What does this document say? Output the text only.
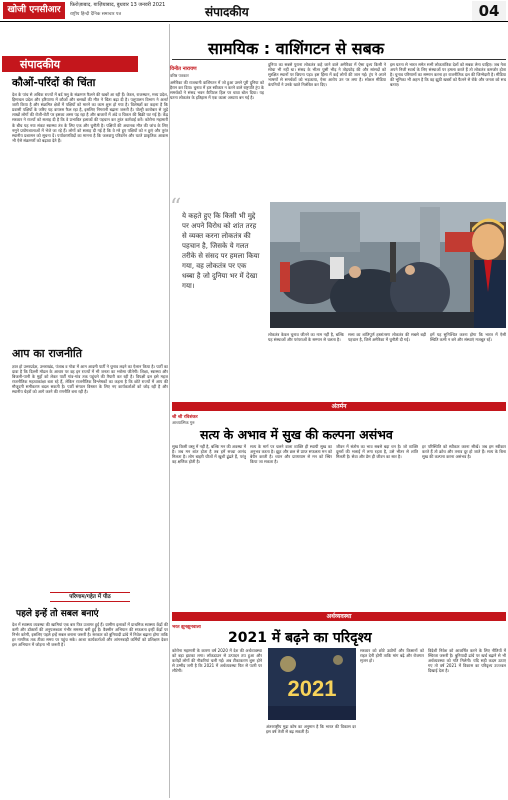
खोजी एनसीआर	फ़िरोज़ाबाद, ग़ाज़ियाबाद, बुधवार 13 जनवरी 2021
राष्ट्रीय हिन्दी दैनिक समाचार पत्र	संपादकीय	04
संपादकीय
कौओं-परिंदों की चिंता
देश के पांच से अधिक राज्यों में बर्ड फ्लू के संक्रमण फैलने की खबरें आ रही हैं। केरल, राजस्थान, मध्य प्रदेश, हिमाचल प्रदेश और हरियाणा में कौओं और बत्तखों की मौत ने चिंता बढ़ा दी है। पशुपालन विभाग ने अलर्ट जारी किया है और संक्रमित क्षेत्रों में पक्षियों को मारने का काम शुरू हो गया है। विशेषज्ञों का कहना है कि प्रवासी पक्षियों के जरिए यह वायरस फैल रहा है, इसलिए निगरानी बढ़ाना जरूरी है। पोल्ट्री कारोबार से जुड़े लाखों लोगों की रोजी-रोटी पर इसका असर पड़ रहा है और बाजारों में अंडे व चिकन की बिक्री घट गई है। केंद्र सरकार ने राज्यों को सलाह दी है कि वे प्रभावित इलाकों की पहचान कर तुरंत कार्रवाई करें। कोरोना महामारी के बीच यह नया संकट स्वास्थ्य तंत्र के लिए एक और चुनौती है। पक्षियों की अचानक मौत की जांच के लिए नमूने प्रयोगशालाओं में भेजे जा रहे हैं। लोगों को सलाह दी गई है कि वे मरे हुए पक्षियों को न छुएं और तुरंत स्थानीय प्रशासन को सूचना दें। पर्यावरणविदों का मानना है कि जलवायु परिवर्तन और घटते प्राकृतिक आवास भी ऐसे संक्रमणों को बढ़ावा देते हैं।
आप का राजनीति
ज्ञात हो उत्तरप्रदेश, उत्तराखंड, पंजाब व गोवा में आम आदमी पार्टी ने चुनाव लड़ने का ऐलान किया है। पार्टी का दावा है कि दिल्ली मॉडल के आधार पर वह इन राज्यों में भी जनता का भरोसा जीतेगी। शिक्षा, स्वास्थ्य और बिजली-पानी के मुद्दों को लेकर पार्टी गांव-गांव तक पहुंचने की तैयारी कर रही है। विपक्षी दल इसे महज राजनीतिक महत्वाकांक्षा बता रहे हैं, लेकिन राजनीतिक विश्लेषकों का कहना है कि छोटे राज्यों में आप की मौजूदगी समीकरण बदल सकती है। पार्टी संगठन विस्तार के लिए नए कार्यकर्ताओं को जोड़ रही है और स्थानीय चेहरों को आगे करने की रणनीति बना रही है।
परिणाम/गहेत में पीठ
पहले इन्हें तो सबल बनाएं
देश में स्वास्थ्य व्यवस्था की खामियां एक बार फिर उजागर हुई हैं। ग्रामीण इलाकों में प्राथमिक स्वास्थ्य केंद्रों की कमी और डॉक्टरों की अनुपलब्धता गंभीर समस्या बनी हुई है। वैक्सीन अभियान की सफलता इन्हीं केंद्रों पर निर्भर करेगी, इसलिए पहले इन्हें सबल बनाना जरूरी है। सरकार को बुनियादी ढांचे में निवेश बढ़ाना होगा ताकि हर नागरिक तक टीका समय पर पहुंच सके। आशा कार्यकर्ताओं और आंगनबाड़ी कर्मियों को प्रशिक्षण देकर इस अभियान में जोड़ना भी जरूरी है।
सामयिक : वाशिंगटन से सबक
विनीत नारायण
वरिष्ठ पत्रकार
अमेरिका की राजधानी वाशिंगटन में जो हुआ उसने पूरी दुनिया को हैरान कर दिया। चुनाव में हार स्वीकार न करने वाले राष्ट्रपति ट्रंप के समर्थकों ने संसद भवन कैपिटल हिल पर धावा बोल दिया। यह घटना लोकतंत्र के इतिहास में एक काला अध्याय बन गई है।
दुनिया का सबसे पुराना लोकतंत्र कहे जाने वाले अमेरिका में ऐसा दृश्य किसी ने सोचा भी नहीं था। संसद के भीतर घुसी भीड़ ने तोड़फोड़ की और सांसदों को सुरक्षित स्थानों पर छिपना पड़ा। इस हिंसा में कई लोगों की जान गई। ट्रंप ने अपने भाषणों से समर्थकों को भड़काया, ऐसा आरोप उन पर लगा है। सोशल मीडिया कंपनियों ने उनके खाते निलंबित कर दिए।
इस घटना से भारत समेत सभी लोकतांत्रिक देशों को सबक लेना चाहिए। जब नेता अपने निजी स्वार्थ के लिए संस्थाओं पर हमला करते हैं तो लोकतंत्र कमजोर होता है। चुनाव परिणामों का सम्मान करना हर राजनीतिक दल की जिम्मेदारी है। मीडिया की भूमिका भी अहम है कि वह झूठी खबरों को फैलने से रोके और जनता को सच बताए।
“ ये कहते हुए कि किसी भी मुद्दे पर अपने विरोध को शांत तरह से व्यक्त करना लोकतंत्र की पहचान है, जिसके ये गलत तरीके से संसद पर हमला किया गया, वह लोकतंत्र पर एक धब्बा है जो दुनिया भर में देखा गया।
लोकतंत्र केवल चुनाव जीतने का नाम नहीं है, बल्कि यह संस्थाओं और परंपराओं के सम्मान से चलता है।
सत्ता का शांतिपूर्ण हस्तांतरण लोकतंत्र की सबसे बड़ी पहचान है, जिसे अमेरिका में चुनौती दी गई।
हमें यह सुनिश्चित करना होगा कि भारत में ऐसी स्थिति कभी न बने और संस्थाएं मजबूत रहें।
अंतर्मन
श्री श्री रविशंकर
आध्यात्मिक गुरु
सत्य के अभाव में सुख की कल्पना असंभव
सुख किसी वस्तु में नहीं है, बल्कि मन की अवस्था में है। जब मन शांत होता है तब हमें सच्चा आनंद मिलता है। लोग बाहरी चीजों में खुशी ढूंढते हैं, परंतु वह क्षणिक होती है।
सत्य के मार्ग पर चलने वाला व्यक्ति ही स्थायी सुख का अनुभव करता है। झूठ और छल से प्राप्त सफलता मन को बेचैन करती है। ध्यान और प्राणायाम से मन को स्थिर किया जा सकता है।
जीवन में संतोष का भाव सबसे बड़ा धन है। जो व्यक्ति दूसरों की भलाई में लगा रहता है, उसे भीतर से शांति मिलती है। सेवा और प्रेम ही जीवन का सार है।
हर परिस्थिति को स्वीकार करना सीखें। जब हम स्वीकार करते हैं तो क्रोध और तनाव दूर हो जाते हैं। सत्य के बिना सुख की कल्पना करना असंभव है।
अर्थव्यवस्था
भरत झुनझुनवाला
2021 में बढ़ने का परिदृश्य
कोरोना महामारी के कारण वर्ष 2020 में देश की अर्थव्यवस्था को बड़ा झटका लगा। लॉकडाउन से उत्पादन ठप हुआ और करोड़ों लोगों की नौकरियां चली गईं। अब टीकाकरण शुरू होने से उम्मीद जगी है कि 2021 में अर्थव्यवस्था फिर से पटरी पर लौटेगी।
2021
अंतरराष्ट्रीय मुद्रा कोष का अनुमान है कि भारत की विकास दर इस वर्ष तेजी से बढ़ सकती है।
सरकार को छोटे उद्योगों और किसानों को राहत देनी होगी ताकि मांग बढ़े और रोजगार सृजन हो।
विदेशी निवेश को आकर्षित करने के लिए नीतियों में स्थिरता जरूरी है। बुनियादी ढांचे पर खर्च बढ़ाने से भी अर्थव्यवस्था को गति मिलेगी। यदि सही कदम उठाए गए तो वर्ष 2021 में विकास का परिदृश्य उज्ज्वल दिखाई देता है।
